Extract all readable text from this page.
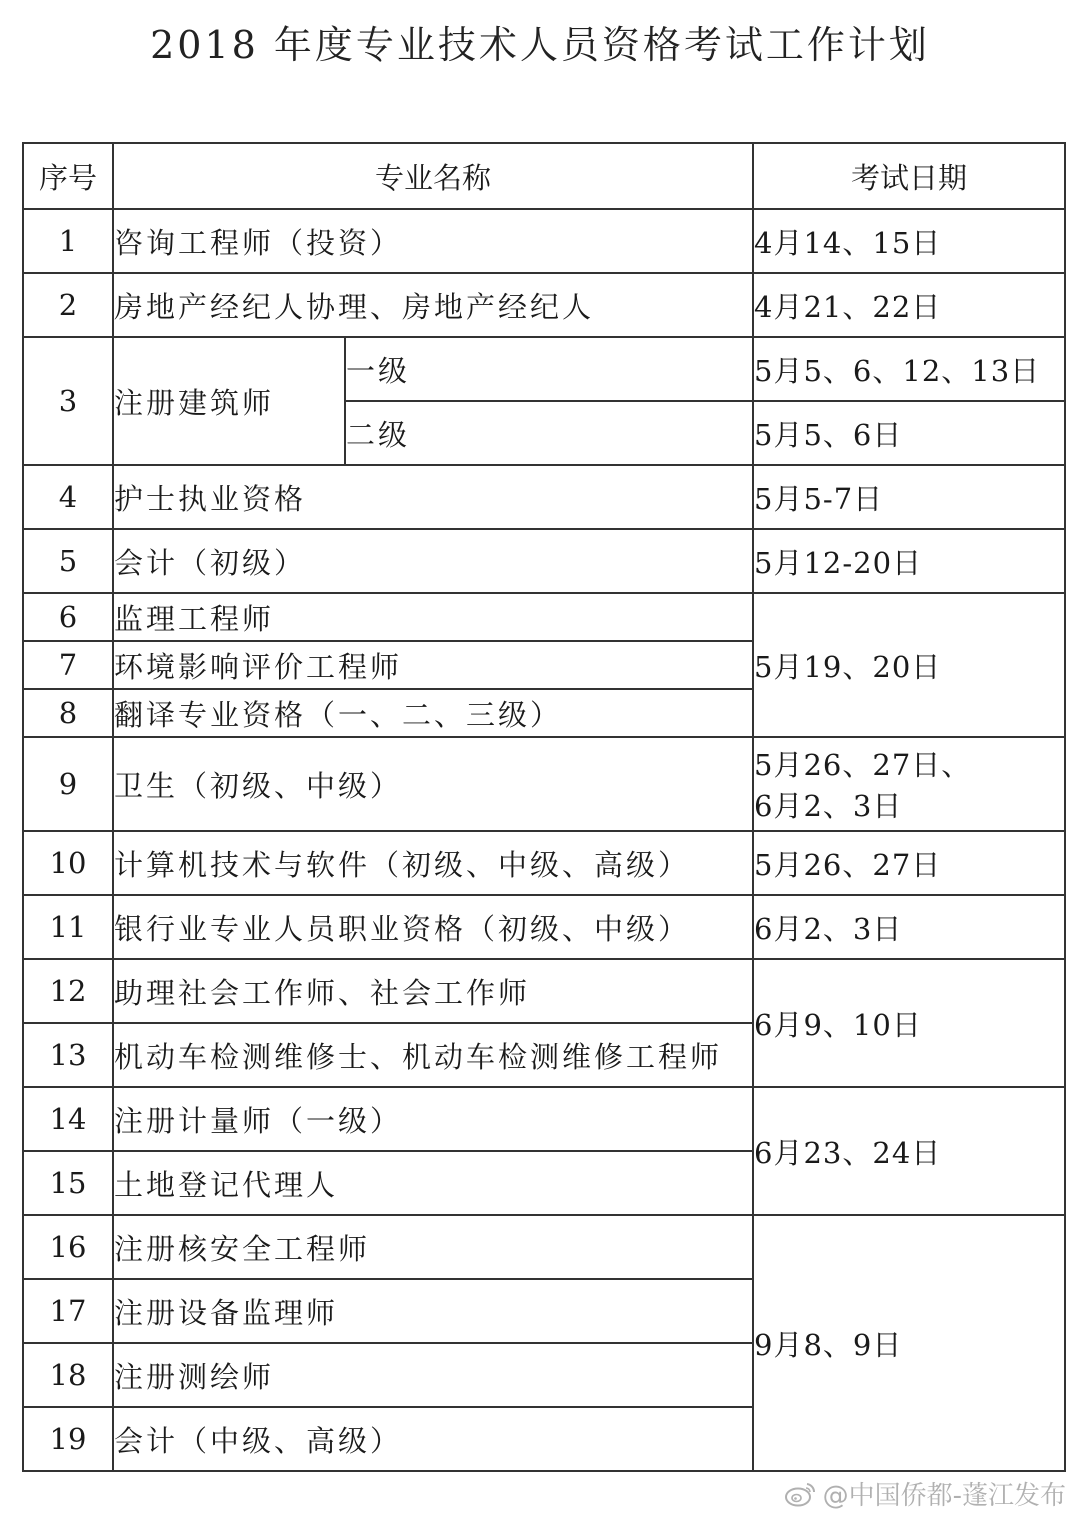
2018 年度专业技术人员资格考试工作计划
序号	专业名称		考试日期
1	咨询工程师（投资）		4月14、15日
2	房地产经纪人协理、房地产经纪人		4月21、22日
3	注册建筑师	一级	5月5、6、12、13日
		二级	5月5、6日
4	护士执业资格		5月5-7日
5	会计（初级）		5月12-20日
6	监理工程师		5月19、20日
7	环境影响评价工程师		
8	翻译专业资格（一、二、三级）		
9	卫生（初级、中级）		5月26、27日、
6月2、3日

10	计算机技术与软件（初级、中级、高级）		5月26、27日
11	银行业专业人员职业资格（初级、中级）		6月2、3日
12	助理社会工作师、社会工作师		6月9、10日
13	机动车检测维修士、机动车检测维修工程师		
14	注册计量师（一级）		6月23、24日
15	土地登记代理人		
16	注册核安全工程师		9月8、9日
17	注册设备监理师		
18	注册测绘师		
19	会计（中级、高级）		
@中国侨都-蓬江发布
